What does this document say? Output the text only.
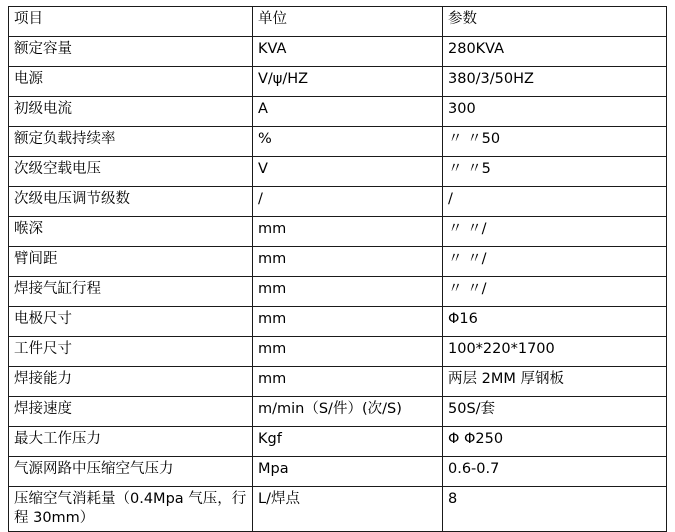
项目	单位	参数
额定容量	KVA	280KVA
电源	V/ψ/HZ	380/3/50HZ
初级电流	A	300
额定负载持续率	%	〃 〃50
次级空载电压	V	〃 〃5
次级电压调节级数	/	/
喉深	mm	〃 〃/
臂间距	mm	〃 〃/
焊接气缸行程	mm	〃 〃/
电极尺寸	mm	Φ16
工件尺寸	mm	100*220*1700
焊接能力	mm	两层 2MM 厚钢板
焊接速度	m/min（S/件）(次/S)	50S/套
最大工作压力	Kgf	Φ Φ250
气源网路中压缩空气压力	Mpa	0.6-0.7
压缩空气消耗量（0.4Mpa 气压，行程 30mm）	L/焊点	8
